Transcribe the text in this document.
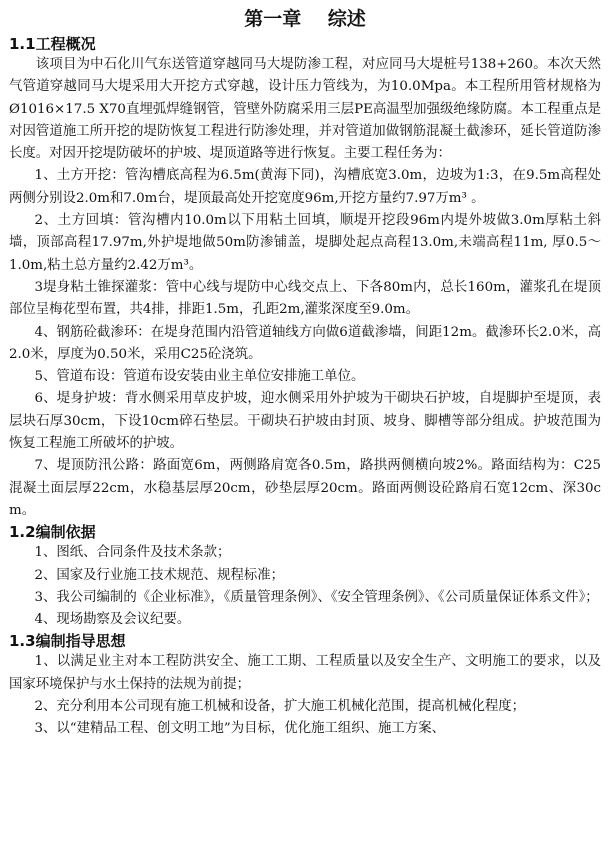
第一章    综述
1.1工程概况

该项目为中石化川气东送管道穿越同马大堤防渗工程，对应同马大堤桩号138+260。本次天然气管道穿越同马大堤采用大开挖方式穿越，设计压力管线为，为10.0Mpa。本工程所用管材规格为Ø1016×17.5 X70直埋弧焊缝钢管，管壁外防腐采用三层PE高温型加强级绝缘防腐。本工程重点是对因管道施工所开挖的堤防恢复工程进行防渗处理，并对管道加做钢筋混凝土截渗环，延长管道防渗长度。对因开挖堤防破坏的护坡、堤顶道路等进行恢复。主要工程任务为：

1、土方开挖：管沟槽底高程为6.5m(黄海下同)，沟槽底宽3.0m，边坡为1:3，在9.5m高程处两侧分别设2.0m和7.0m台，堤顶最高处开挖宽度96m,开挖方量约7.97万m³ 。

2、土方回填：管沟槽内10.0m以下用粘土回填，顺堤开挖段96m内堤外坡做3.0m厚粘土斜墙，顶部高程17.97m,外护堤地做50m防渗铺盖，堤脚处起点高程13.0m,未端高程11m, 厚0.5～1.0m,粘土总方量约2.42万m³。

3堤身粘土锥探灌浆：管中心线与堤防中心线交点上、下各80m内，总长160m，灌浆孔在堤顶部位呈梅花型布置，共4排，排距1.5m，孔距2m,灌浆深度至9.0m。

4、钢筋砼截渗环：在堤身范围内沿管道轴线方向做6道截渗墙，间距12m。截渗环长2.0米，高2.0米，厚度为0.50米，采用C25砼浇筑。

5、管道布设：管道布设安装由业主单位安排施工单位。

6、堤身护坡：背水侧采用草皮护坡，迎水侧采用外护坡为干砌块石护坡，自堤脚护至堤顶，表层块石厚30cm，下设10cm碎石垫层。干砌块石护坡由封顶、坡身、脚槽等部分组成。护坡范围为恢复工程施工所破坏的护坡。

7、堤顶防汛公路：路面宽6m，两侧路肩宽各0.5m，路拱两侧横向坡2%。路面结构为：C25混凝土面层厚22cm，水稳基层厚20cm，砂垫层厚20cm。路面两侧设砼路肩石宽12cm、深30cm。

1.2编制依据

1、图纸、合同条件及技术条款；

2、国家及行业施工技术规范、规程标准；

3、我公司编制的《企业标准》，《质量管理条例》、《安全管理条例》、《公司质量保证体系文件》；

4、现场勘察及会议纪要。

1.3编制指导思想

1、以满足业主对本工程防洪安全、施工工期、工程质量以及安全生产、文明施工的要求，以及国家环境保护与水土保持的法规为前提；

2、充分利用本公司现有施工机械和设备，扩大施工机械化范围，提高机械化程度；

3、以“建精品工程、创文明工地”为目标，优化施工组织、施工方案、
